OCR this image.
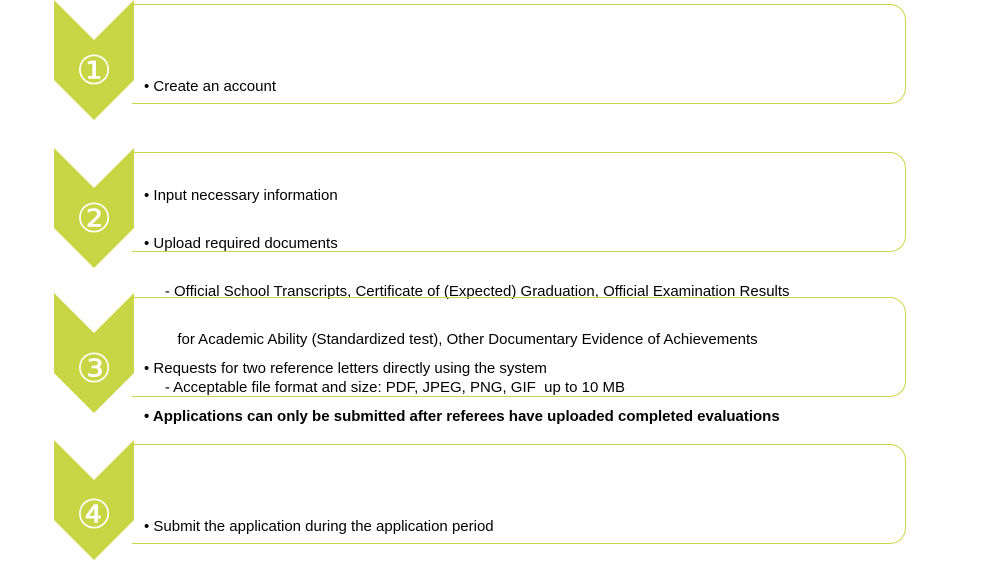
①

	• Create an account

②

• Input necessary information

• Upload required documents

- Official School Transcripts, Certificate of (Expected) Graduation, Official Examination Results

for Academic Ability (Standardized test), Other Documentary Evidence of Achievements

- Acceptable file format and size: PDF, JPEG, PNG, GIF  up to 10 MB

③

	• Requests for two reference letters directly using the system

• Applications can only be submitted after referees have uploaded completed evaluations

④

	• Submit the application during the application period
